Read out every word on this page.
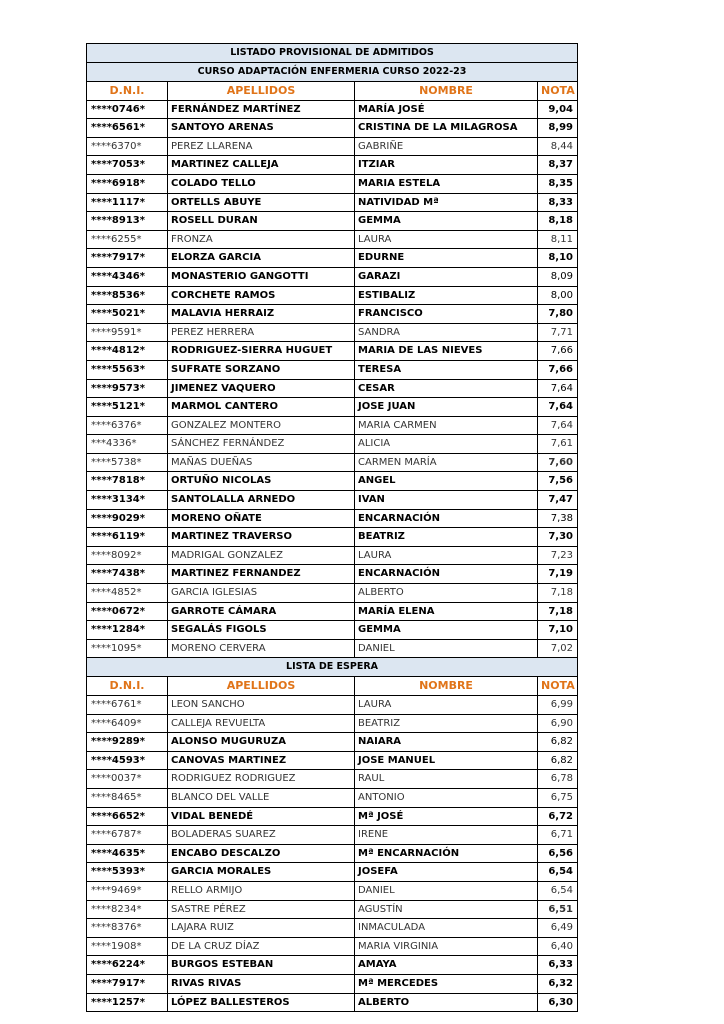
LISTADO PROVISIONAL DE ADMITIDOS			
CURSO ADAPTACIÓN ENFERMERIA CURSO 2022-23			
D.N.I.	APELLIDOS	NOMBRE	NOTA
****0746*	FERNÁNDEZ MARTÍNEZ	MARÍA JOSÉ	9,04
****6561*	SANTOYO ARENAS	CRISTINA DE LA MILAGROSA	8,99
****6370*	PEREZ LLARENA	GABRIÑE	8,44
****7053*	MARTINEZ CALLEJA	ITZIAR	8,37
****6918*	COLADO TELLO	MARIA ESTELA	8,35
****1117*	ORTELLS ABUYE	NATIVIDAD Mª	8,33
****8913*	ROSELL DURAN	GEMMA	8,18
****6255*	FRONZA	LAURA	8,11
****7917*	ELORZA GARCIA	EDURNE	8,10
****4346*	MONASTERIO GANGOTTI	GARAZI	8,09
****8536*	CORCHETE RAMOS	ESTIBALIZ	8,00
****5021*	MALAVIA HERRAIZ	FRANCISCO	7,80
****9591*	PEREZ HERRERA	SANDRA	7,71
****4812*	RODRIGUEZ-SIERRA HUGUET	MARIA DE LAS NIEVES	7,66
****5563*	SUFRATE SORZANO	TERESA	7,66
****9573*	JIMENEZ VAQUERO	CESAR	7,64
****5121*	MARMOL CANTERO	JOSE JUAN	7,64
****6376*	GONZALEZ MONTERO	MARIA CARMEN	7,64
***4336*	SÁNCHEZ FERNÁNDEZ	ALICIA	7,61
****5738*	MAÑAS DUEÑAS	CARMEN MARÍA	7,60
****7818*	ORTUÑO NICOLAS	ANGEL	7,56
****3134*	SANTOLALLA ARNEDO	IVAN	7,47
****9029*	MORENO OÑATE	ENCARNACIÓN	7,38
****6119*	MARTINEZ TRAVERSO	BEATRIZ	7,30
****8092*	MADRIGAL GONZALEZ	LAURA	7,23
****7438*	MARTINEZ FERNANDEZ	ENCARNACIÓN	7,19
****4852*	GARCIA IGLESIAS	ALBERTO	7,18
****0672*	GARROTE CÁMARA	MARÍA ELENA	7,18
****1284*	SEGALÁS FIGOLS	GEMMA	7,10
****1095*	MORENO CERVERA	DANIEL	7,02
LISTA DE ESPERA			
D.N.I.	APELLIDOS	NOMBRE	NOTA
****6761*	LEON SANCHO	LAURA	6,99
****6409*	CALLEJA REVUELTA	BEATRIZ	6,90
****9289*	ALONSO MUGURUZA	NAIARA	6,82
****4593*	CANOVAS MARTINEZ	JOSE MANUEL	6,82
****0037*	RODRIGUEZ RODRIGUEZ	RAUL	6,78
****8465*	BLANCO DEL VALLE	ANTONIO	6,75
****6652*	VIDAL BENEDÉ	Mª JOSÉ	6,72
****6787*	BOLADERAS SUAREZ	IRENE	6,71
****4635*	ENCABO DESCALZO	Mª ENCARNACIÓN	6,56
****5393*	GARCIA MORALES	JOSEFA	6,54
****9469*	RELLO ARMIJO	DANIEL	6,54
****8234*	SASTRE PÉREZ	AGUSTÍN	6,51
****8376*	LAJARA RUIZ	INMACULADA	6,49
****1908*	DE LA CRUZ DÍAZ	MARIA VIRGINIA	6,40
****6224*	BURGOS ESTEBAN	AMAYA	6,33
****7917*	RIVAS RIVAS	Mª MERCEDES	6,32
****1257*	LÓPEZ BALLESTEROS	ALBERTO	6,30
